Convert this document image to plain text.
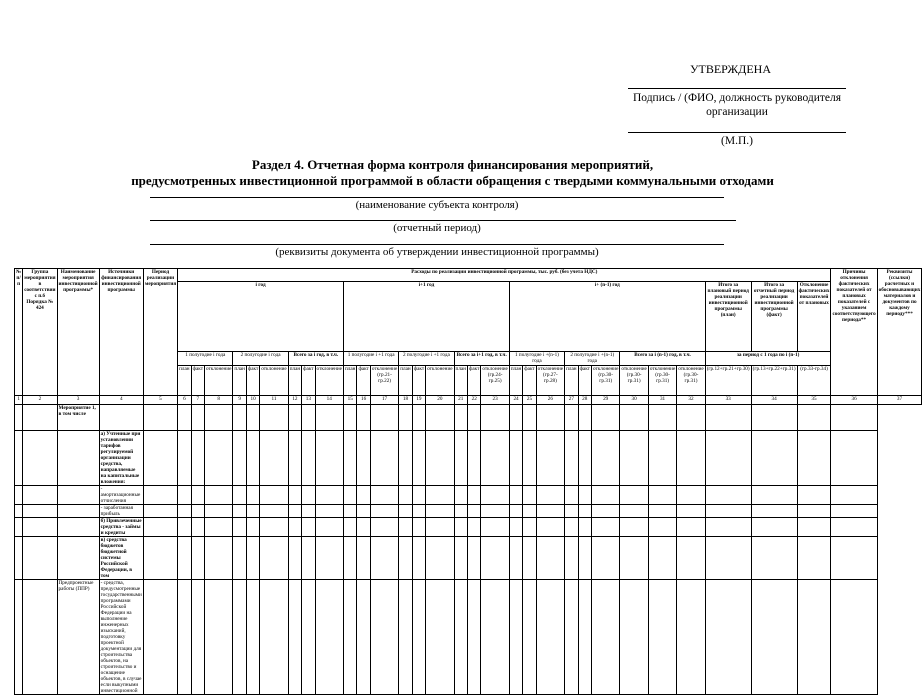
УТВЕРЖДЕНА
Подпись / (ФИО, должность руководителя организации
(М.П.)
Раздел 4. Отчетная форма контроля финансирования мероприятий,
предусмотренных инвестиционной программой в области обращения с твердыми коммунальными отходами
(наименование субъекта контроля)
(отчетный период)
(реквизиты документа об утверждении инвестиционной программы)
№ п/п	Группа мероприятия в соответствии с п.6 Порядка № 424	Наименование мероприятия инвестиционной программы*	Источники финансирования инвестиционной программы	Период реализации мероприятия	Расходы по реализации инвестиционной программы, тыс. руб. (без учета НДС)																														Причины отклонения фактических показателей от плановых показателей с указанием соответствующего периода**	Реквизиты (ссылки) расчетных и обосновывающих материалов и документов по каждому периоду***
					i год									i+1 год									i+ (n-1) год									Итого за плановый период реализации инвестиционной программы (план)	Итого за отчетный период реализации инвестиционной программы (факт)	Отклонение фактических показателей от плановых		
					1 полугодие i года			2 полугодие i года			Всего за i год, в т.ч.			1 полугодие i +1 года			2 полугодие i +1 года			Всего за i+1 год, в т.ч.			1 полугодие i +(n-1) года			2 полугодие i +(n-1) года			Всего за i (n-1) год, в т.ч.			за период с 1 года по i (n-1)				
					план	факт	отклонение	план	факт	отклонение	план	факт	отклонение	план	факт	отклонение (гр.21-гр.22)	план	факт	отклонение	план	факт	отклонение (гр.24-гр.25)	план	факт	отклонение (гр.27-гр.28)	план	факт	отклонение (гр.30-гр.31)	отклонение (гр.30-гр.31)	отклонение (гр.30-гр.31)	отклонение (гр.30-гр.31)	(гр.12+гр.21+гр.30)	(гр.13+гр.22+гр.31)	(гр.33-гр.34)		
1	2	3	4	5	6	7	8	9	10	11	12	13	14	15	16	17	18	19	20	21	22	23	24	25	26	27	28	29	30	31	32	33	34	35	36	37
		Мероприятие 1, в том числе																																		
			а) Учтенные при установлении тарифов регулируемой организации средства, направляемые на капитальные вложения:																																	
			- амортизационные отчисления																																	
			- заработанная прибыль																																	
			б) Привлеченные средства - займы и кредиты																																	
			в) средства бюджетов бюджетной системы Российской Федерации, в том																																	
		Предпроектные работы (ППР)	- средства, предусмотренные государственными программами Российской Федерации на выполнение инженерных изысканий, подготовку проектной документации для строительства объектов, на строительство и оснащение объектов, в случае если выкупными инвестиционной																																	
